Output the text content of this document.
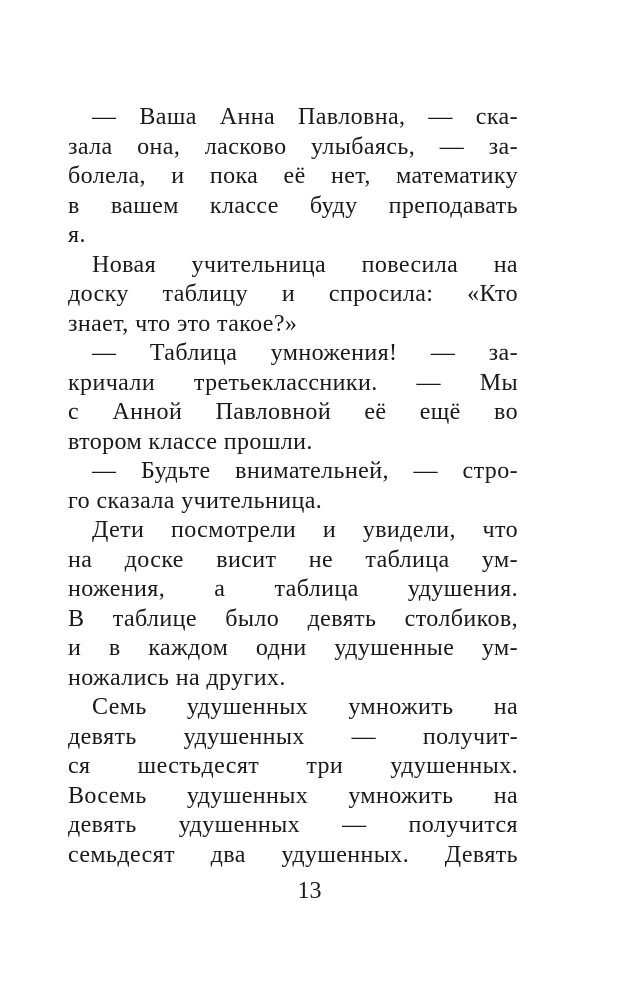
— Ваша Анна Павловна, — ска-
зала она, ласково улыбаясь, — за-
болела, и пока её нет, математику
в вашем классе буду преподавать
я.
Новая учительница повесила на
доску таблицу и спросила: «Кто
знает, что это такое?»
— Таблица умножения! — за-
кричали третьеклассники. — Мы
с Анной Павловной её ещё во
втором классе прошли.
— Будьте внимательней, — стро-
го сказала учительница.
Дети посмотрели и увидели, что
на доске висит не таблица ум-
ножения, а таблица удушения.
В таблице было девять столбиков,
и в каждом одни удушенные ум-
ножались на других.
Семь удушенных умножить на
девять удушенных — получит-
ся шестьдесят три удушенных.
Восемь удушенных умножить на
девять удушенных — получится
семьдесят два удушенных. Девять
13
